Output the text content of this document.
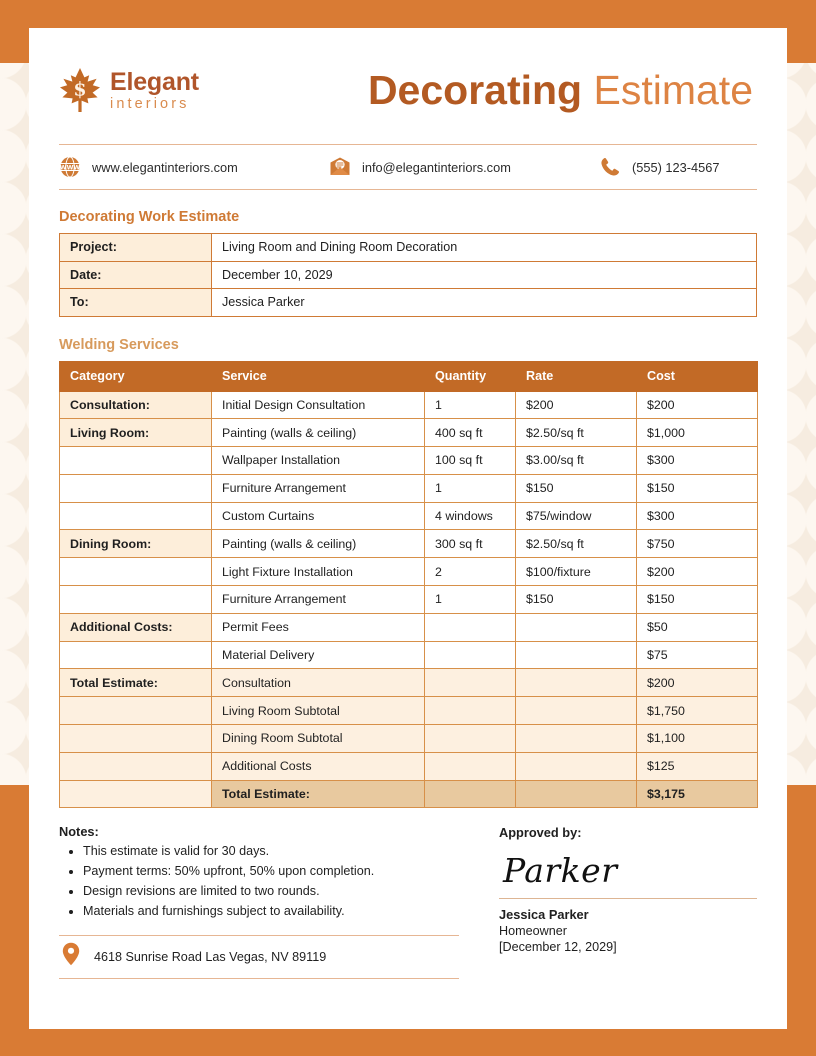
$ Elegant
interiors	Decorating Estimate
WWW www.elegantinteriors.com	info@elegantinteriors.com	(555) 123-4567
Decorating Work Estimate
Project:	Living Room and Dining Room Decoration
Date:	December 10, 2029
To:	Jessica Parker
Welding Services
Category	Service	Quantity	Rate	Cost
Consultation:	Initial Design Consultation	1	$200	$200
Living Room:	Painting (walls & ceiling)	400 sq ft	$2.50/sq ft	$1,000
	Wallpaper Installation	100 sq ft	$3.00/sq ft	$300
	Furniture Arrangement	1	$150	$150
	Custom Curtains	4 windows	$75/window	$300
Dining Room:	Painting (walls & ceiling)	300 sq ft	$2.50/sq ft	$750
	Light Fixture Installation	2	$100/fixture	$200
	Furniture Arrangement	1	$150	$150
Additional Costs:	Permit Fees			$50
	Material Delivery			$75
Total Estimate:	Consultation			$200
	Living Room Subtotal			$1,750
	Dining Room Subtotal			$1,100
	Additional Costs			$125
	Total Estimate:			$3,175
Notes:
• This estimate is valid for 30 days.
• Payment terms: 50% upfront, 50% upon completion.
• Design revisions are limited to two rounds.
• Materials and furnishings subject to availability.
4618 Sunrise Road Las Vegas, NV 89119
Approved by:
Parker
Jessica Parker
Homeowner
[December 12, 2029]
